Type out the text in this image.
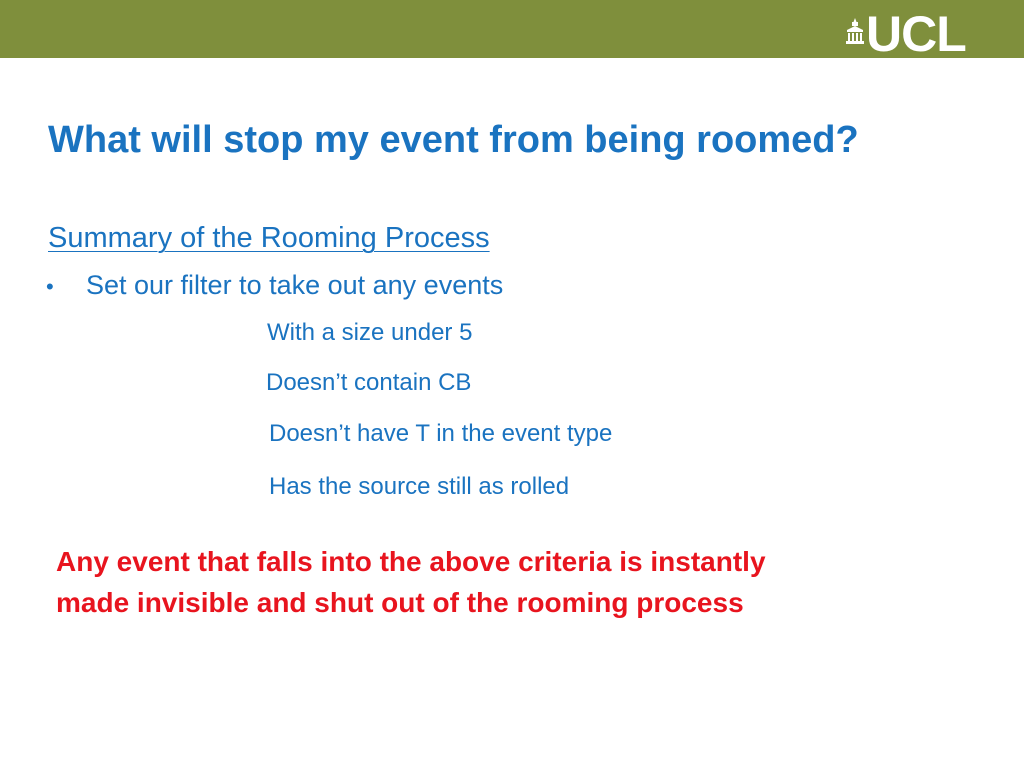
UCL
What will stop my event from being roomed?
Summary of the Rooming Process
•	Set our filter to take out any events
With a size under 5
Doesn’t contain CB
Doesn’t have T in the event type
Has the source still as rolled
Any event that falls into the above criteria is instantly
made invisible and shut out of the rooming process
